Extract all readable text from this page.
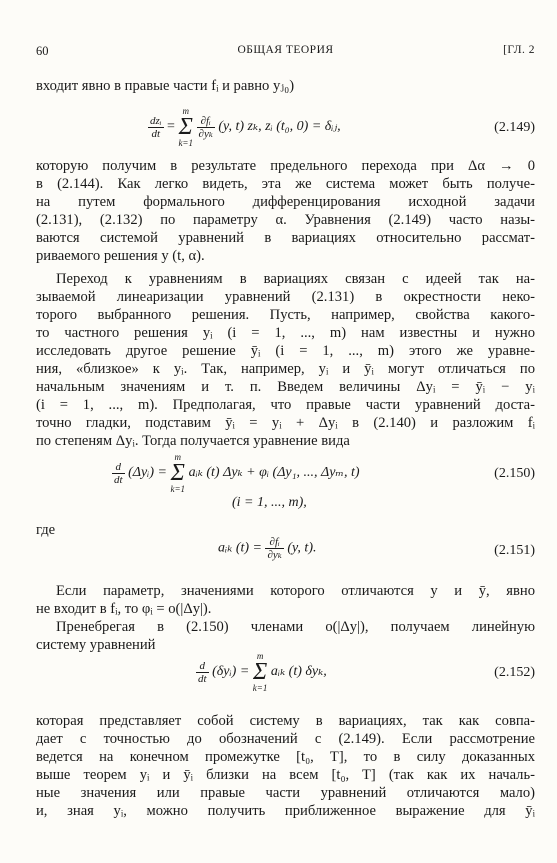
60	ОБЩАЯ ТЕОРИЯ	[ГЛ. 2
входит явно в правые части fᵢ и равно yⱼ₀)
$\frac{\text{dzᵢ}}{dt} = m$
Σ
k=1
$\frac{\text{∂fᵢ}}{\text{∂yₖ}} (y$, t) zₖ, zᵢ (t₀, 0) = δᵢⱼ,	(2.149)
которую получим в результате предельного перехода при Δα → 0
в (2.144). Как легко видеть, эта же система может быть получе-
на путем формального дифференцирования исходной задачи
(2.131), (2.132) по параметру α. Уравнения (2.149) часто назы-
ваются системой уравнений в вариациях относительно рассмат-
риваемого решения y (t, α).
Переход к уравнениям в вариациях связан с идеей так на-
зываемой линеаризации уравнений (2.131) в окрестности неко-
торого выбранного решения. Пусть, например, свойства какого-
то частного решения yᵢ (i = 1, ..., m) нам известны и нужно
исследовать другое решение ȳᵢ (i = 1, ..., m) этого же уравне-
ния, «близкое» к yᵢ. Так, например, yᵢ и ȳᵢ могут отличаться по
начальным значениям и т. п. Введем величины Δyᵢ = ȳᵢ − yᵢ
(i = 1, ..., m). Предполагая, что правые части уравнений доста-
точно гладки, подставим ȳᵢ = yᵢ + Δyᵢ в (2.140) и разложим fᵢ
по степеням Δyᵢ. Тогда получается уравнение вида
$\frac{d}{dt}$ (Δyᵢ) = m
Σ
k=1 aᵢₖ (t) Δyₖ + φᵢ (Δy₁, ..., Δyₘ, t)	(2.150)
(i = 1, ..., m),
где
aᵢₖ $(t) = \frac{\text{∂fᵢ}}{\text{∂yₖ}} (y$, t).	(2.151)
Если параметр, значениями которого отличаются y и ȳ, явно
не входит в fᵢ, то φᵢ = o(|Δy|).
Пренебрегая в (2.150) членами o(|Δy|), получаем линейную
систему уравнений
$\frac{d}{dt}$ (δyᵢ) = m
Σ
k=1 aᵢₖ (t) δyₖ,	(2.152)
которая представляет собой систему в вариациях, так как совпа-
дает с точностью до обозначений с (2.149). Если рассмотрение
ведется на конечном промежутке [t₀, T], то в силу доказанных
выше теорем yᵢ и ȳᵢ близки на всем [t₀, T] (так как их началь-
ные значения или правые части уравнений отличаются мало)
и, зная yᵢ, можно получить приближенное выражение для ȳᵢ
